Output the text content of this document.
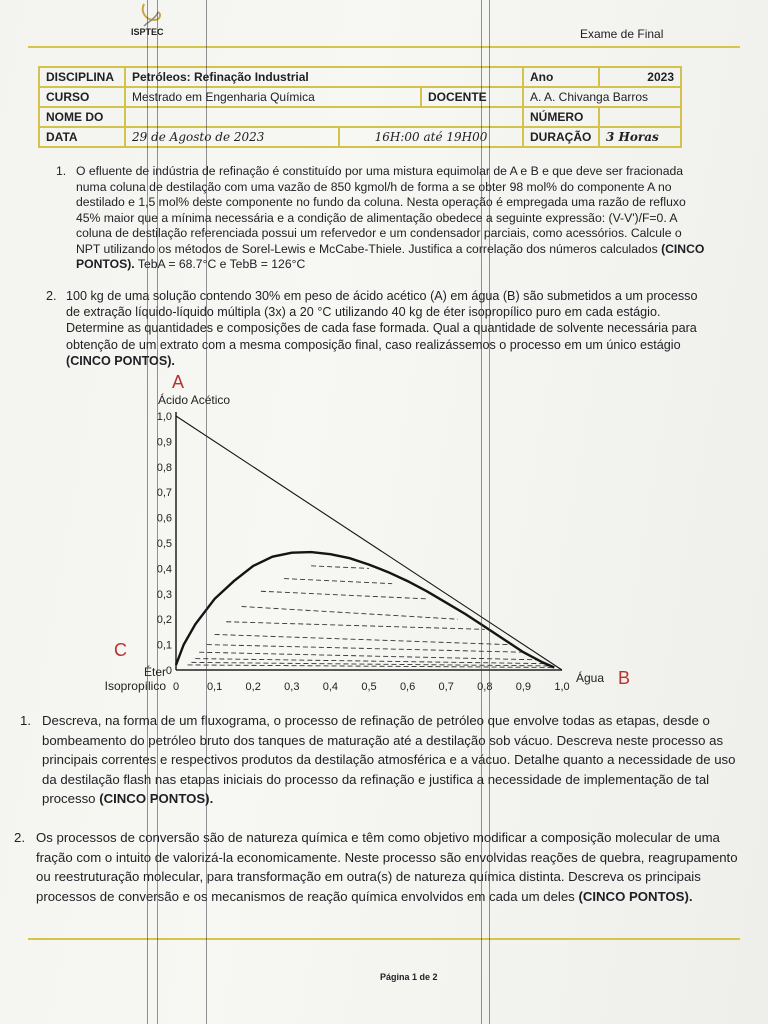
ISPTEC	Exame de Final
DISCIPLINA	Petróleos: Refinação Industrial			Ano	2023
CURSO	Mestrado em Engenharia Química		DOCENTE	A. A. Chivanga Barros	
NOME DO				NÚMERO	
DATA	29 de Agosto de 2023	16H:00 até 19H00		DURAÇÃO	3 Horas
1. O efluente de indústria de refinação é constituído por uma mistura equimolar de A e B e que deve ser fracionada numa coluna de destilação com uma vazão de 850 kgmol/h de forma a se obter 98 mol% do componente A no destilado e 1,5 mol% deste componente no fundo da coluna. Nesta operação é empregada uma razão de refluxo 45% maior que a mínima necessária e a condição de alimentação obedece a seguinte expressão: (V-V')/F=0. A coluna de destilação referenciada possui um refervedor e um condensador parciais, como acessórios. Calcule o NPT utilizando os métodos de Sorel-Lewis e McCabe-Thiele. Justifica a correlação dos números calculados (CINCO PONTOS). TebA = 68.7°C e TebB = 126°C
2. 100 kg de uma solução contendo 30% em peso de ácido acético (A) em água (B) são submetidos a um processo de extração líquido-líquido múltipla (3x) a 20 °C utilizando 40 kg de éter isopropílico puro em cada estágio. Determine as quantidades e composições de cada fase formada. Qual a quantidade de solvente necessária para obtenção de um extrato com a mesma composição final, caso realizássemos o processo em um único estágio (CINCO PONTOS).
0
0,1
0,2
0,3
0,4
0,5
0,6
0,7
0,8
0,9
1,0
0	0,1 0,2 0,3 0,4 0,5 0,6 0,7 0,8 0,9 1,0
Ácido Acético
A
Água B
C
Éter Isopropílico
1. Descreva, na forma de um fluxograma, o processo de refinação de petróleo que envolve todas as etapas, desde o bombeamento do petróleo bruto dos tanques de maturação até a destilação sob vácuo. Descreva neste processo as principais correntes e respectivos produtos da destilação atmosférica e a vácuo. Detalhe quanto a necessidade de uso da destilação flash nas etapas iniciais do processo da refinação e justifica a necessidade de implementação de tal processo (CINCO PONTOS).
2. Os processos de conversão são de natureza química e têm como objetivo modificar a composição molecular de uma fração com o intuito de valorizá-la economicamente. Neste processo são envolvidas reações de quebra, reagrupamento ou reestruturação molecular, para transformação em outra(s) de natureza química distinta. Descreva os principais processos de conversão e os mecanismos de reação química envolvidos em cada um deles (CINCO PONTOS).
Página 1 de 2
